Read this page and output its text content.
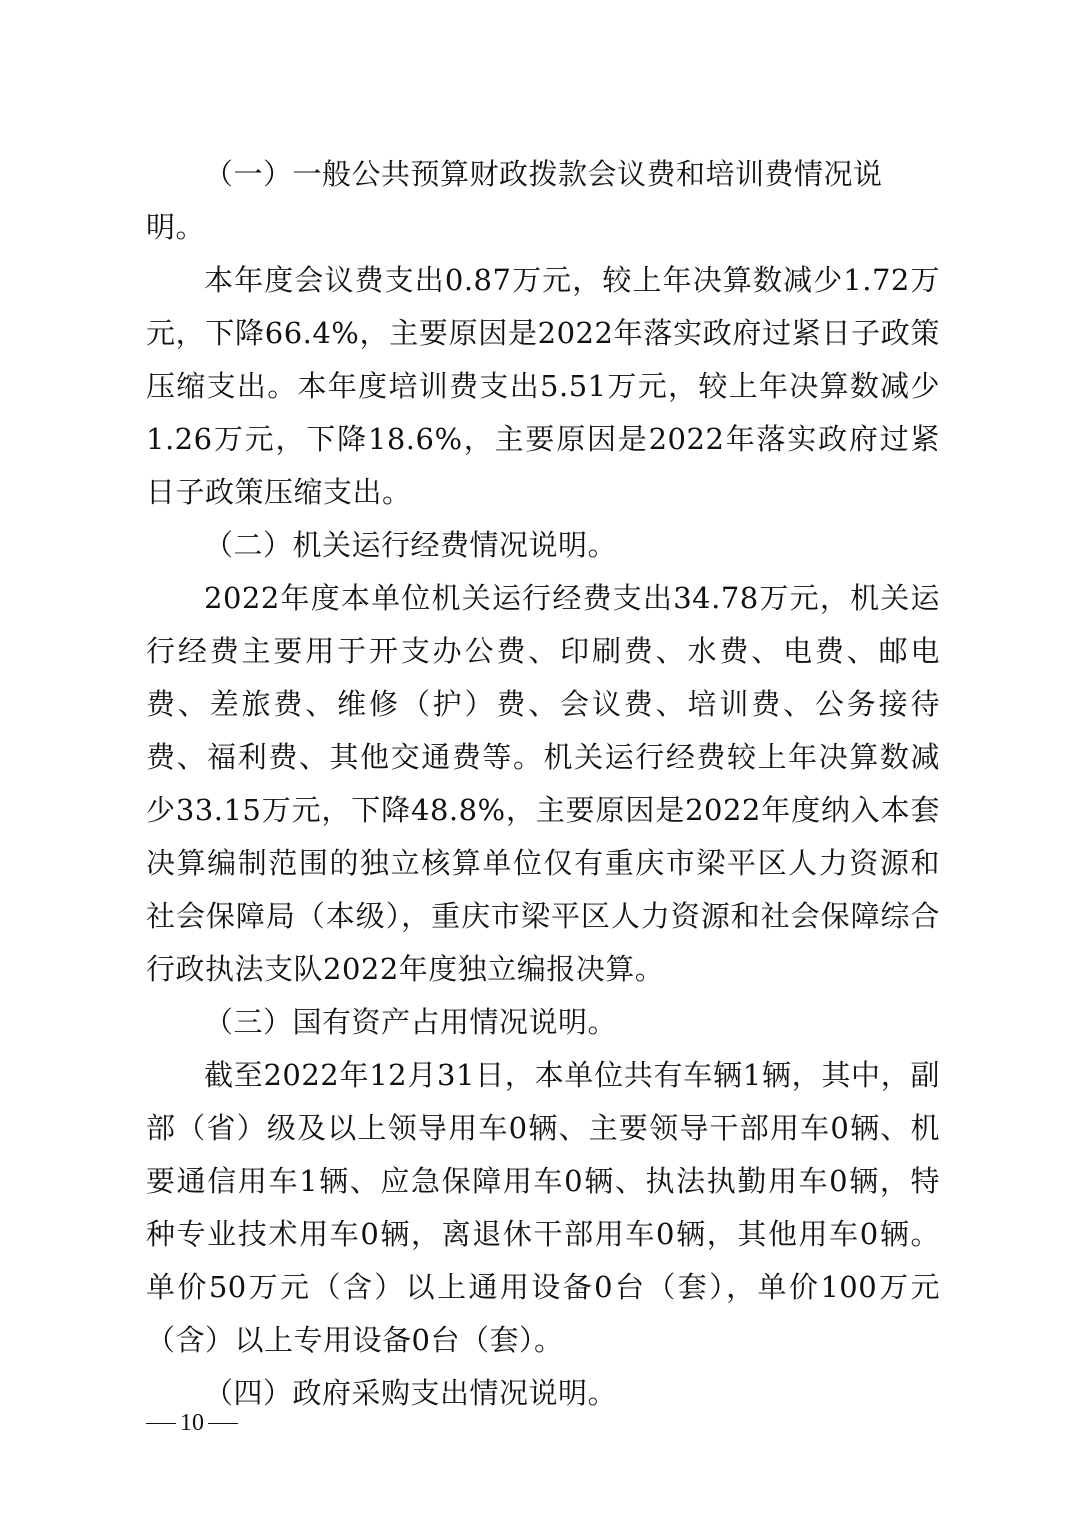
（一）一般公共预算财政拨款会议费和培训费情况说明。

本年度会议费支出0.87万元，较上年决算数减少1.72万元，下降66.4%，主要原因是2022年落实政府过紧日子政策压缩支出。本年度培训费支出5.51万元，较上年决算数减少1.26万元，下降18.6%，主要原因是2022年落实政府过紧日子政策压缩支出。

（二）机关运行经费情况说明。

2022年度本单位机关运行经费支出34.78万元，机关运行经费主要用于开支办公费、印刷费、水费、电费、邮电费、差旅费、维修（护）费、会议费、培训费、公务接待费、福利费、其他交通费等。机关运行经费较上年决算数减少33.15万元，下降48.8%，主要原因是2022年度纳入本套决算编制范围的独立核算单位仅有重庆市梁平区人力资源和社会保障局（本级），重庆市梁平区人力资源和社会保障综合行政执法支队2022年度独立编报决算。

（三）国有资产占用情况说明。

截至2022年12月31日，本单位共有车辆1辆，其中，副部（省）级及以上领导用车0辆、主要领导干部用车0辆、机要通信用车1辆、应急保障用车0辆、执法执勤用车0辆，特种专业技术用车0辆，离退休干部用车0辆，其他用车0辆。单价50万元（含）以上通用设备0台（套），单价100万元（含）以上专用设备0台（套）。

（四）政府采购支出情况说明。

10
